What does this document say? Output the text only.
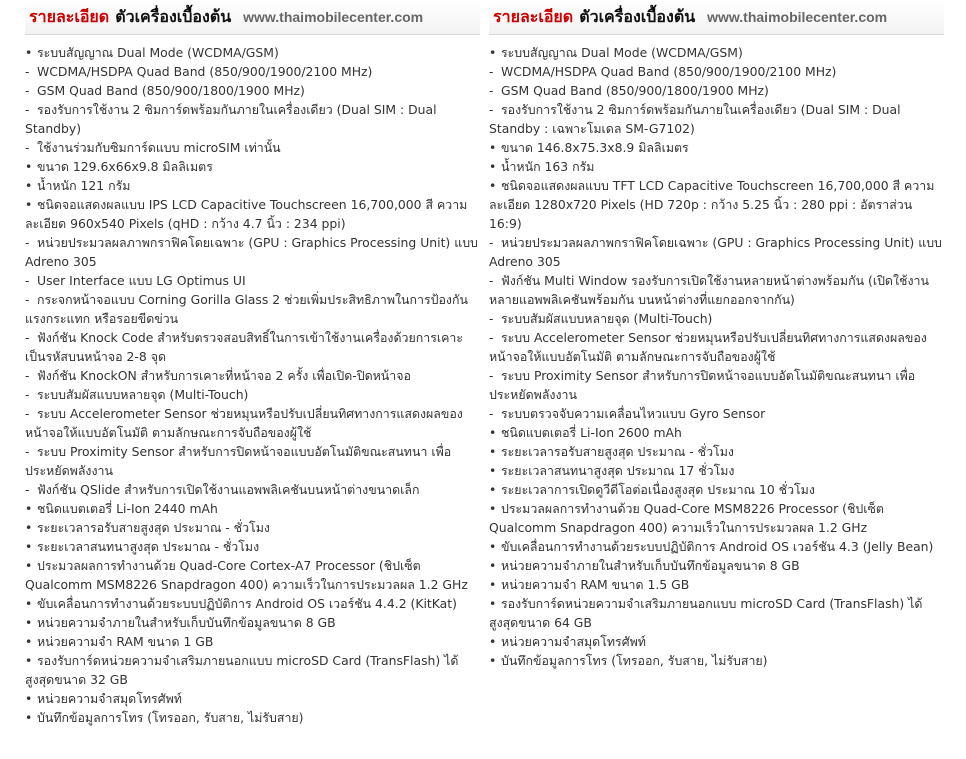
รายละเอียด ตัวเครื่องเบื้องต้น www.thaimobilecenter.com
• ระบบสัญญาณ Dual Mode (WCDMA/GSM)
- WCDMA/HSDPA Quad Band (850/900/1900/2100 MHz)
- GSM Quad Band (850/900/1800/1900 MHz)
- รองรับการใช้งาน 2 ซิมการ์ดพร้อมกันภายในเครื่องเดียว (Dual SIM : Dual Standby)
- ใช้งานร่วมกับซิมการ์ดแบบ microSIM เท่านั้น
• ขนาด 129.6x66x9.8 มิลลิเมตร
• น้ำหนัก 121 กรัม
• ชนิดจอแสดงผลแบบ IPS LCD Capacitive Touchscreen 16,700,000 สี ความละเอียด 960x540 Pixels (qHD : กว้าง 4.7 นิ้ว : 234 ppi)
- หน่วยประมวลผลภาพกราฟิคโดยเฉพาะ (GPU : Graphics Processing Unit) แบบ Adreno 305
- User Interface แบบ LG Optimus UI
- กระจกหน้าจอแบบ Corning Gorilla Glass 2 ช่วยเพิ่มประสิทธิภาพในการป้องกันแรงกระแทก หรือรอยขีดข่วน
- ฟังก์ชัน Knock Code สำหรับตรวจสอบสิทธิ์ในการเข้าใช้งานเครื่องด้วยการเคาะเป็นรหัสบนหน้าจอ 2-8 จุด
- ฟังก์ชัน KnockON สำหรับการเคาะที่หน้าจอ 2 ครั้ง เพื่อเปิด-ปิดหน้าจอ
- ระบบสัมผัสแบบหลายจุด (Multi-Touch)
- ระบบ Accelerometer Sensor ช่วยหมุนหรือปรับเปลี่ยนทิศทางการแสดงผลของหน้าจอให้แบบอัตโนมัติ ตามลักษณะการจับถือของผู้ใช้
- ระบบ Proximity Sensor สำหรับการปิดหน้าจอแบบอัตโนมัติขณะสนทนา เพื่อประหยัดพลังงาน
- ฟังก์ชัน QSlide สำหรับการเปิดใช้งานแอพพลิเคชันบนหน้าต่างขนาดเล็ก
• ชนิดแบตเตอรี่ Li-Ion 2440 mAh
• ระยะเวลารอรับสายสูงสุด ประมาณ - ชั่วโมง
• ระยะเวลาสนทนาสูงสุด ประมาณ - ชั่วโมง
• ประมวลผลการทำงานด้วย Quad-Core Cortex-A7 Processor (ชิปเซ็ต Qualcomm MSM8226 Snapdragon 400) ความเร็วในการประมวลผล 1.2 GHz
• ขับเคลื่อนการทำงานด้วยระบบปฏิบัติการ Android OS เวอร์ชัน 4.4.2 (KitKat)
• หน่วยความจำภายในสำหรับเก็บบันทึกข้อมูลขนาด 8 GB
• หน่วยความจำ RAM ขนาด 1 GB
• รองรับการ์ดหน่วยความจำเสริมภายนอกแบบ microSD Card (TransFlash) ได้สูงสุดขนาด 32 GB
• หน่วยความจำสมุดโทรศัพท์
• บันทึกข้อมูลการโทร (โทรออก, รับสาย, ไม่รับสาย)
รายละเอียด ตัวเครื่องเบื้องต้น www.thaimobilecenter.com
• ระบบสัญญาณ Dual Mode (WCDMA/GSM)
- WCDMA/HSDPA Quad Band (850/900/1900/2100 MHz)
- GSM Quad Band (850/900/1800/1900 MHz)
- รองรับการใช้งาน 2 ซิมการ์ดพร้อมกันภายในเครื่องเดียว (Dual SIM : Dual Standby : เฉพาะโมเดล SM-G7102)
• ขนาด 146.8x75.3x8.9 มิลลิเมตร
• น้ำหนัก 163 กรัม
• ชนิดจอแสดงผลแบบ TFT LCD Capacitive Touchscreen 16,700,000 สี ความละเอียด 1280x720 Pixels (HD 720p : กว้าง 5.25 นิ้ว : 280 ppi : อัตราส่วน 16:9)
- หน่วยประมวลผลภาพกราฟิคโดยเฉพาะ (GPU : Graphics Processing Unit) แบบ Adreno 305
- ฟังก์ชัน Multi Window รองรับการเปิดใช้งานหลายหน้าต่างพร้อมกัน (เปิดใช้งานหลายแอพพลิเคชันพร้อมกัน บนหน้าต่างที่แยกออกจากกัน)
- ระบบสัมผัสแบบหลายจุด (Multi-Touch)
- ระบบ Accelerometer Sensor ช่วยหมุนหรือปรับเปลี่ยนทิศทางการแสดงผลของหน้าจอให้แบบอัตโนมัติ ตามลักษณะการจับถือของผู้ใช้
- ระบบ Proximity Sensor สำหรับการปิดหน้าจอแบบอัตโนมัติขณะสนทนา เพื่อประหยัดพลังงาน
- ระบบตรวจจับความเคลื่อนไหวแบบ Gyro Sensor
• ชนิดแบตเตอรี่ Li-Ion 2600 mAh
• ระยะเวลารอรับสายสูงสุด ประมาณ - ชั่วโมง
• ระยะเวลาสนทนาสูงสุด ประมาณ 17 ชั่วโมง
• ระยะเวลาการเปิดดูวีดีโอต่อเนื่องสูงสุด ประมาณ 10 ชั่วโมง
• ประมวลผลการทำงานด้วย Quad-Core MSM8226 Processor (ชิปเซ็ต Qualcomm Snapdragon 400) ความเร็วในการประมวลผล 1.2 GHz
• ขับเคลื่อนการทำงานด้วยระบบปฏิบัติการ Android OS เวอร์ชัน 4.3 (Jelly Bean)
• หน่วยความจำภายในสำหรับเก็บบันทึกข้อมูลขนาด 8 GB
• หน่วยความจำ RAM ขนาด 1.5 GB
• รองรับการ์ดหน่วยความจำเสริมภายนอกแบบ microSD Card (TransFlash) ได้สูงสุดขนาด 64 GB
• หน่วยความจำสมุดโทรศัพท์
• บันทึกข้อมูลการโทร (โทรออก, รับสาย, ไม่รับสาย)
